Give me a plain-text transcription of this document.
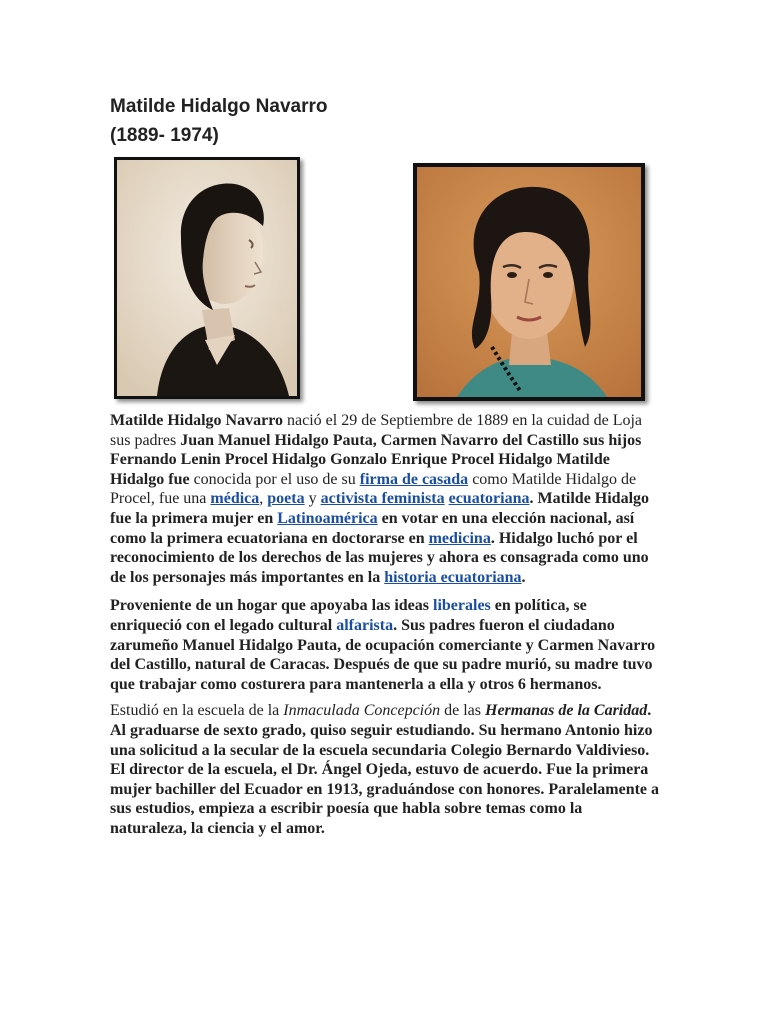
Matilde Hidalgo Navarro
(1889- 1974)

Matilde Hidalgo Navarro nació el 29 de Septiembre de 1889 en la cuidad de Loja sus padres Juan Manuel Hidalgo Pauta, Carmen Navarro del Castillo sus hijos Fernando Lenin Procel Hidalgo Gonzalo Enrique Procel Hidalgo Matilde Hidalgo fue conocida por el uso de su firma de casada como Matilde Hidalgo de Procel, fue una médica, poeta y activista feminista ecuatoriana. Matilde Hidalgo fue la primera mujer en Latinoamérica en votar en una elección nacional, así como la primera ecuatoriana en doctorarse en medicina. Hidalgo luchó por el reconocimiento de los derechos de las mujeres y ahora es consagrada como uno de los personajes más importantes en la historia ecuatoriana.

Proveniente de un hogar que apoyaba las ideas liberales en política, se enriqueció con el legado cultural alfarista. Sus padres fueron el ciudadano zarumeño Manuel Hidalgo Pauta, de ocupación comerciante y Carmen Navarro del Castillo, natural de Caracas. Después de que su padre murió, su madre tuvo que trabajar como costurera para mantenerla a ella y otros 6 hermanos.

Estudió en la escuela de la Inmaculada Concepción de las Hermanas de la Caridad. Al graduarse de sexto grado, quiso seguir estudiando. Su hermano Antonio hizo una solicitud a la secular de la escuela secundaria Colegio Bernardo Valdivieso. El director de la escuela, el Dr. Ángel Ojeda, estuvo de acuerdo. Fue la primera mujer bachiller del Ecuador en 1913, graduándose con honores. Paralelamente a sus estudios, empieza a escribir poesía que habla sobre temas como la naturaleza, la ciencia y el amor.
